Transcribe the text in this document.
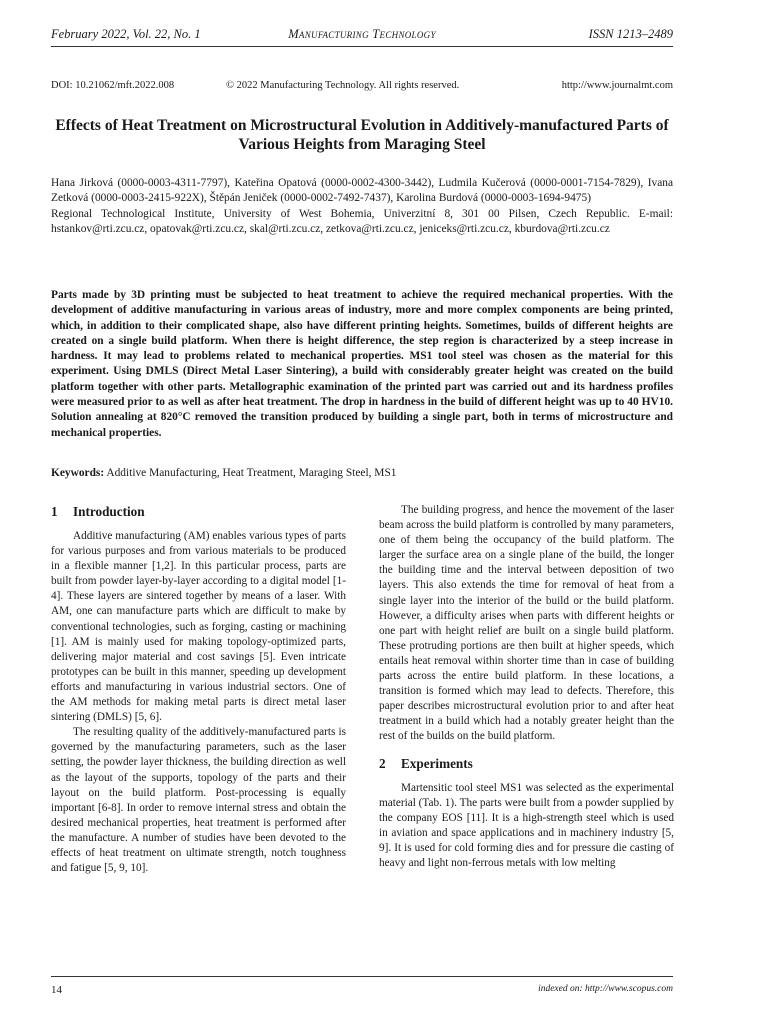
February 2022, Vol. 22, No. 1	Manufacturing Technology	ISSN 1213–2489
DOI: 10.21062/mft.2022.008	© 2022 Manufacturing Technology. All rights reserved.	http://www.journalmt.com
Effects of Heat Treatment on Microstructural Evolution in Additively-manufactured Parts of Various Heights from Maraging Steel
Hana Jirková (0000-0003-4311-7797), Kateřina Opatová (0000-0002-4300-3442), Ludmila Kučerová (0000-0001-7154-7829), Ivana Zetková (0000-0003-2415-922X), Štěpán Jeniček (0000-0002-7492-7437), Karolina Burdová (0000-0003-1694-9475)
Regional Technological Institute, University of West Bohemia, Univerzitní 8, 301 00 Pilsen, Czech Republic. E-mail: hstankov@rti.zcu.cz, opatovak@rti.zcu.cz, skal@rti.zcu.cz, zetkova@rti.zcu.cz, jeniceks@rti.zcu.cz, kburdova@rti.zcu.cz
Parts made by 3D printing must be subjected to heat treatment to achieve the required mechanical properties. With the development of additive manufacturing in various areas of industry, more and more complex components are being printed, which, in addition to their complicated shape, also have different printing heights. Sometimes, builds of different heights are created on a single build platform. When there is height difference, the step region is characterized by a steep increase in hardness. It may lead to problems related to mechanical properties. MS1 tool steel was chosen as the material for this experiment. Using DMLS (Direct Metal Laser Sintering), a build with considerably greater height was created on the build platform together with other parts. Metallographic examination of the printed part was carried out and its hardness profiles were measured prior to as well as after heat treatment. The drop in hardness in the build of different height was up to 40 HV10. Solution annealing at 820°C removed the transition produced by building a single part, both in terms of microstructure and mechanical properties.
Keywords: Additive Manufacturing, Heat Treatment, Maraging Steel, MS1
1 Introduction

Additive manufacturing (AM) enables various types of parts for various purposes and from various materials to be produced in a flexible manner [1,2]. In this particular process, parts are built from powder layer-by-layer according to a digital model [1-4]. These layers are sintered together by means of a laser. With AM, one can manufacture parts which are difficult to make by conventional technologies, such as forging, casting or machining [1]. AM is mainly used for making topology-optimized parts, delivering major material and cost savings [5]. Even intricate prototypes can be built in this manner, speeding up development efforts and manufacturing in various industrial sectors. One of the AM methods for making metal parts is direct metal laser sintering (DMLS) [5, 6].

The resulting quality of the additively-manufactured parts is governed by the manufacturing parameters, such as the laser setting, the powder layer thickness, the building direction as well as the layout of the supports, topology of the parts and their layout on the build platform. Post-processing is equally important [6-8]. In order to remove internal stress and obtain the desired mechanical properties, heat treatment is performed after the manufacture. A number of studies have been devoted to the effects of heat treatment on ultimate strength, notch toughness and fatigue [5, 9, 10].

The building progress, and hence the movement of the laser beam across the build platform is controlled by many parameters, one of them being the occupancy of the build platform. The larger the surface area on a single plane of the build, the longer the building time and the interval between deposition of two layers. This also extends the time for removal of heat from a single layer into the interior of the build or the build platform. However, a difficulty arises when parts with different heights or one part with height relief are built on a single build platform. These protruding portions are then built at higher speeds, which entails heat removal within shorter time than in case of building parts across the entire build platform. In these locations, a transition is formed which may lead to defects. Therefore, this paper describes microstructural evolution prior to and after heat treatment in a build which had a notably greater height than the rest of the builds on the build platform.

2 Experiments

Martensitic tool steel MS1 was selected as the experimental material (Tab. 1). The parts were built from a powder supplied by the company EOS [11]. It is a high-strength steel which is used in aviation and space applications and in machinery industry [5, 9]. It is used for cold forming dies and for pressure die casting of heavy and light non-ferrous metals with low melting

14	indexed on: http://www.scopus.com
